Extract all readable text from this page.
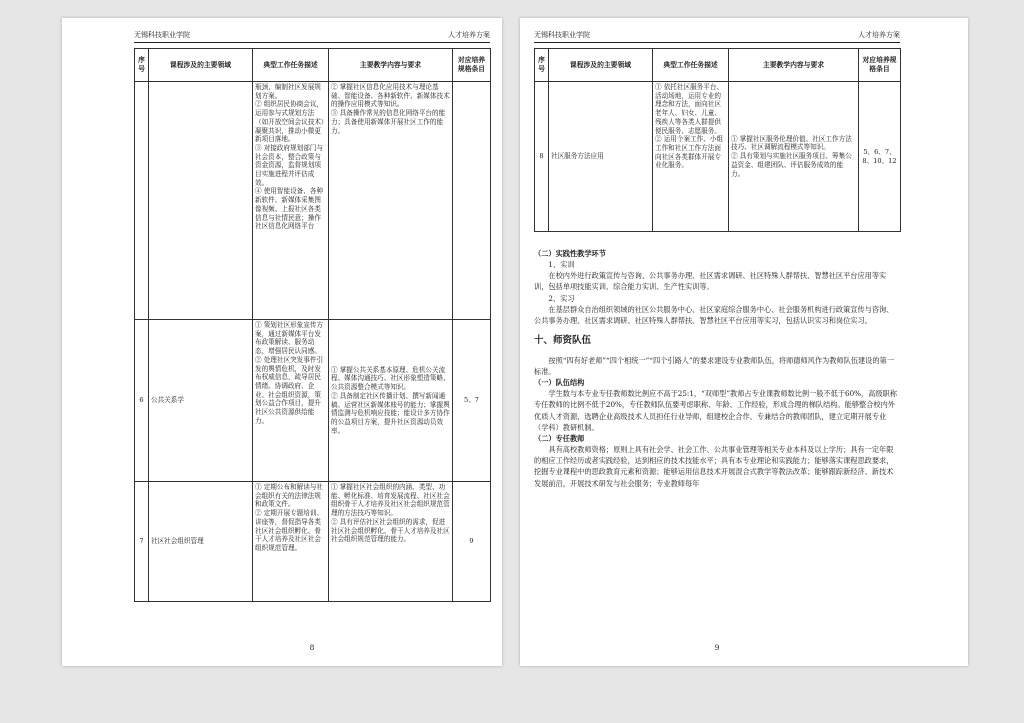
无锡科技职业学院	人才培养方案
序号	课程涉及的主要领域	典型工作任务描述	主要教学内容与要求	对应培养规格条目
		瓶颈，编制社区发展规划方案。
② 组织居民协商会议，运用参与式规划方法（如开放空间会议技术）凝聚共识，推动小微更新项目落地。
③ 对接政府规划部门与社会资本，整合政策与资金资源，监督规划项目实施进程并评估成效。
④ 使用智能设备、各种新软件、新媒体采集图像视频、上报社区各类信息与社情民意；操作社区信息化网络平台	② 掌握社区信息化应用技术与理论基础、智能设备、各种新软件、新媒体技术的操作应用模式等知识。
③ 具备操作常见的信息化网络平台的能力；具备使用新媒体开展社区工作的能力。	
6	公共关系学	① 策划社区形象宣传方案，通过新媒体平台发布政策解读、服务动态，增强居民认同感。
② 处理社区突发事件引发的舆情危机，及时发布权威信息，疏导居民情绪。协调政府、企业、社会组织资源，策划公益合作项目，提升社区公共资源供给能力。	① 掌握公共关系基本原理、危机公关流程、媒体沟通技巧、社区形象塑造策略、公共资源整合模式等知识。
② 具备制定社区传播计划、撰写新闻通稿、运营社区新媒体账号的能力；掌握舆情监测与危机响应技能；能设计多方协作的公益项目方案，提升社区资源动员效率。	5、7
7	社区社会组织管理	① 定期公布和解读与社会组织有关的法律法规和政策文件。
② 定期开展专题培训、讲座等，督促指导各类社区社会组织孵化、骨干人才培养及社区社会组织规范管理。	① 掌握社区社会组织的内涵、类型、功能、孵化标准、培育发展流程、社区社会组织骨干人才培养及社区社会组织规范管理的方法技巧等知识。
② 具有评估社区社会组织的需求，促进社区社会组织孵化、骨干人才培养及社区社会组织规范管理的能力。	9
8
无锡科技职业学院	人才培养方案
序号	课程涉及的主要领域	典型工作任务描述	主要教学内容与要求	对应培养规格条目
8	社区服务方法应用	① 依托社区服务平台、活动场地，运用专业的理念和方法，面向社区老年人、妇女、儿童、残疾人等各类人群提供便民服务、志愿服务。
② 运用个案工作、小组工作和社区工作方法面向社区各类群体开展专业化服务。	① 掌握社区服务伦理价值、社区工作方法技巧、社区调解流程模式等知识。
② 具有策划与实施社区服务项目、筹集公益资金、组建团队、评估服务成效的能力。	5、6、7、8、10、12

（二）实践性教学环节

1、实训

在校内外进行政策宣传与咨询、公共事务办理、社区需求调研、社区特殊人群帮扶、智慧社区平台应用等实训，包括单项技能实训、综合能力实训、生产性实训等。

2、实习

在基层群众自治组织领域的社区公共服务中心、社区家庭综合服务中心、社会服务机构进行政策宣传与咨询、公共事务办理、社区需求调研、社区特殊人群帮扶、智慧社区平台应用等实习，包括认识实习和岗位实习。

十、师资队伍

按照“四有好老师”“四个相统一”“四个引路人”的要求建设专业教师队伍，将师德师风作为教师队伍建设的第一标准。

（一）队伍结构

学生数与本专业专任教师数比例应不高于25:1，“双师型”教师占专业课教师数比例一般不低于60%，高级职称专任教师的比例不低于20%，专任教师队伍要考虑职称、年龄、工作经验，形成合理的梯队结构。能够整合校内外优质人才资源，选聘企业高级技术人员担任行业导师，组建校企合作、专兼结合的教师团队，建立定期开展专业（学科）教研机制。

（二）专任教师

具有高校教师资格；原则上具有社会学、社会工作、公共事业管理等相关专业本科及以上学历；具有一定年限的相应工作经历或者实践经验，达到相应的技术技能水平；具有本专业理论和实践能力；能够落实课程思政要求，挖掘专业课程中的思政教育元素和资源；能够运用信息技术开展混合式教学等教法改革；能够跟踪新经济、新技术发展前沿，开展技术研发与社会服务；专业教师每年

9
